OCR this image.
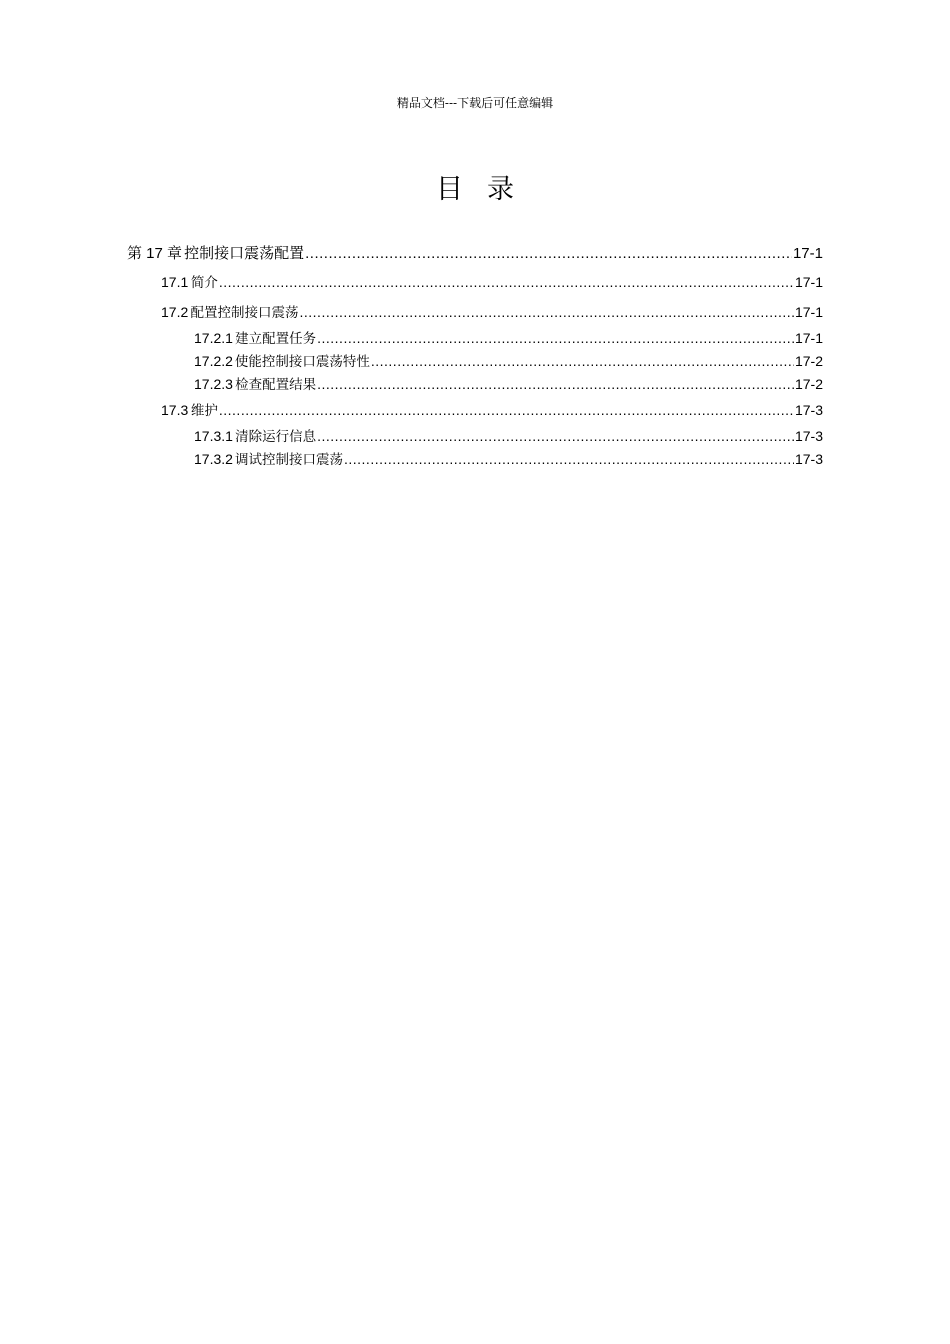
精品文档---下载后可任意编辑
目录
第 17 章 控制接口震荡配置 .....	17-1
17.1 简介 .....	17-1
17.2 配置控制接口震荡 .....	17-1
17.2.1 建立配置任务 .....	17-1
17.2.2 使能控制接口震荡特性 .....	17-2
17.2.3 检查配置结果 .....	17-2
17.3 维护 .....	17-3
17.3.1 清除运行信息 .....	17-3
17.3.2 调试控制接口震荡 .....	17-3
